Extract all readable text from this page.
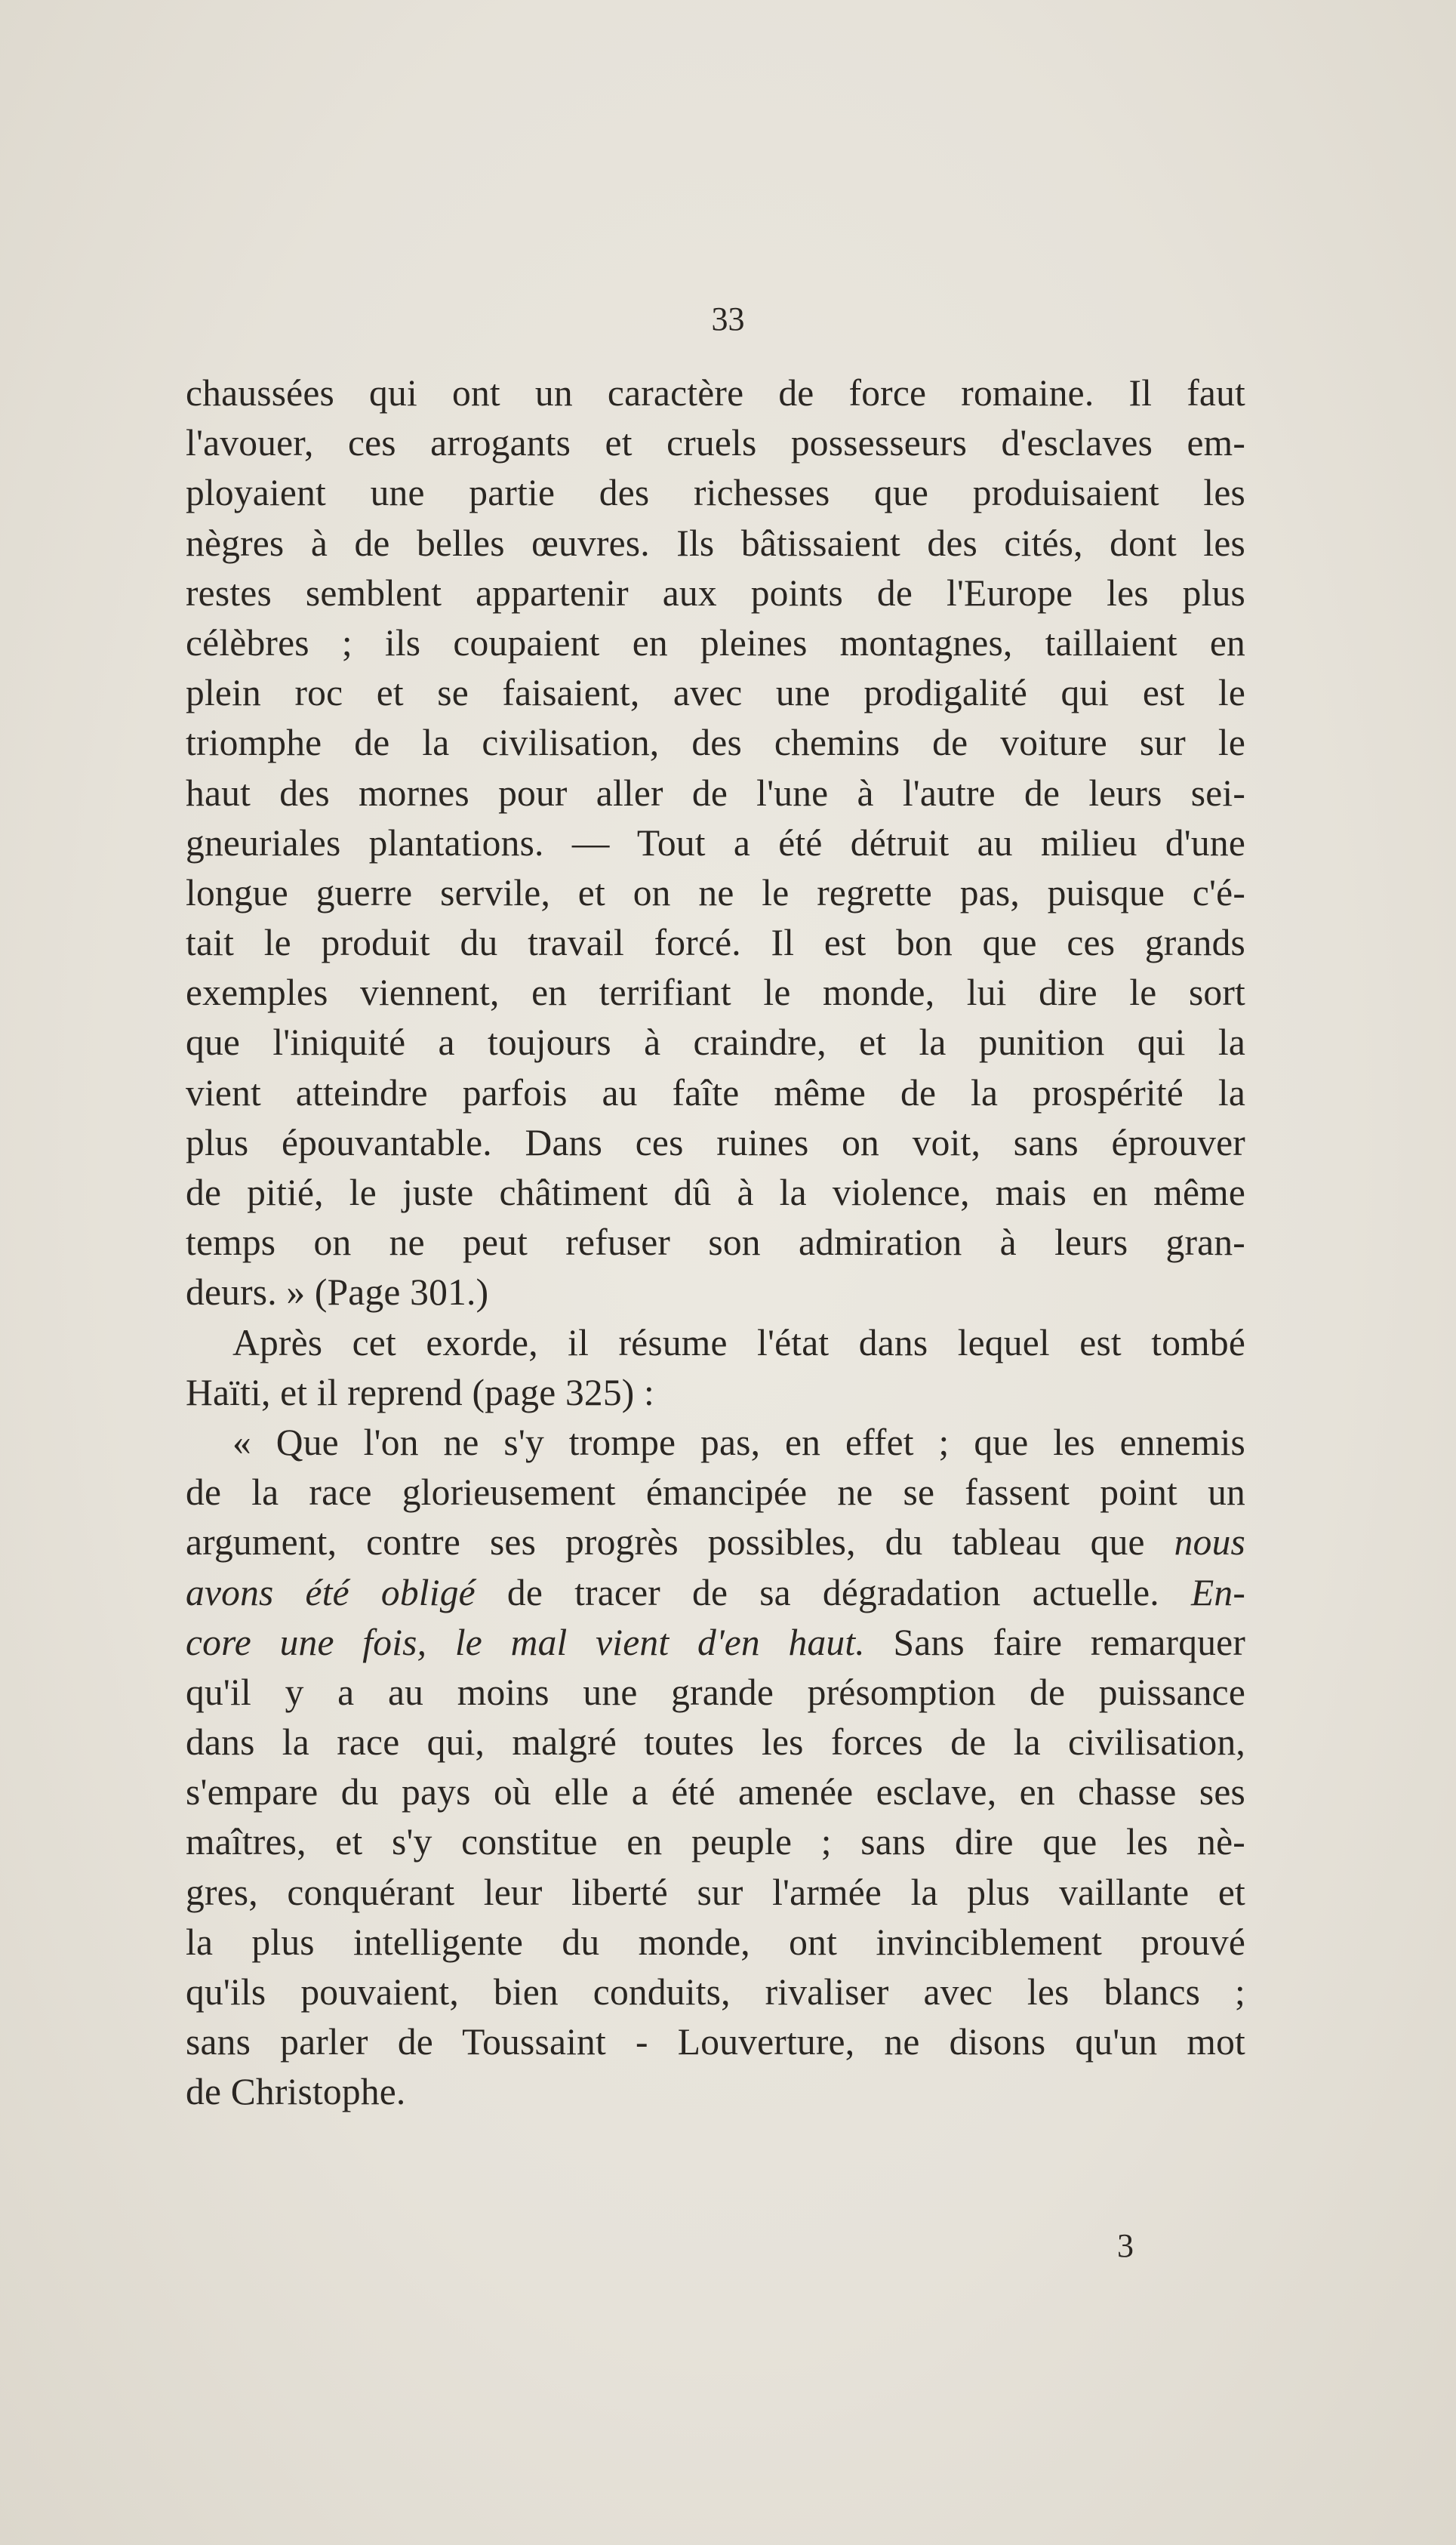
33
chaussées qui ont un caractère de force romaine. Il faut
l'avouer, ces arrogants et cruels possesseurs d'esclaves em-
ployaient une partie des richesses que produisaient les
nègres à de belles œuvres. Ils bâtissaient des cités, dont les
restes semblent appartenir aux points de l'Europe les plus
célèbres ; ils coupaient en pleines montagnes, taillaient en
plein roc et se faisaient, avec une prodigalité qui est le
triomphe de la civilisation, des chemins de voiture sur le
haut des mornes pour aller de l'une à l'autre de leurs sei-
gneuriales plantations. — Tout a été détruit au milieu d'une
longue guerre servile, et on ne le regrette pas, puisque c'é-
tait le produit du travail forcé. Il est bon que ces grands
exemples viennent, en terrifiant le monde, lui dire le sort
que l'iniquité a toujours à craindre, et la punition qui la
vient atteindre parfois au faîte même de la prospérité la
plus épouvantable. Dans ces ruines on voit, sans éprouver
de pitié, le juste châtiment dû à la violence, mais en même
temps on ne peut refuser son admiration à leurs gran-
deurs. » (Page 301.)
Après cet exorde, il résume l'état dans lequel est tombé
Haïti, et il reprend (page 325) :
« Que l'on ne s'y trompe pas, en effet ; que les ennemis
de la race glorieusement émancipée ne se fassent point un
argument, contre ses progrès possibles, du tableau que nous
avons été obligé de tracer de sa dégradation actuelle. En-
core une fois, le mal vient d'en haut. Sans faire remarquer
qu'il y a au moins une grande présomption de puissance
dans la race qui, malgré toutes les forces de la civilisation,
s'empare du pays où elle a été amenée esclave, en chasse ses
maîtres, et s'y constitue en peuple ; sans dire que les nè-
gres, conquérant leur liberté sur l'armée la plus vaillante et
la plus intelligente du monde, ont invinciblement prouvé
qu'ils pouvaient, bien conduits, rivaliser avec les blancs ;
sans parler de Toussaint - Louverture, ne disons qu'un mot
de Christophe.
3
